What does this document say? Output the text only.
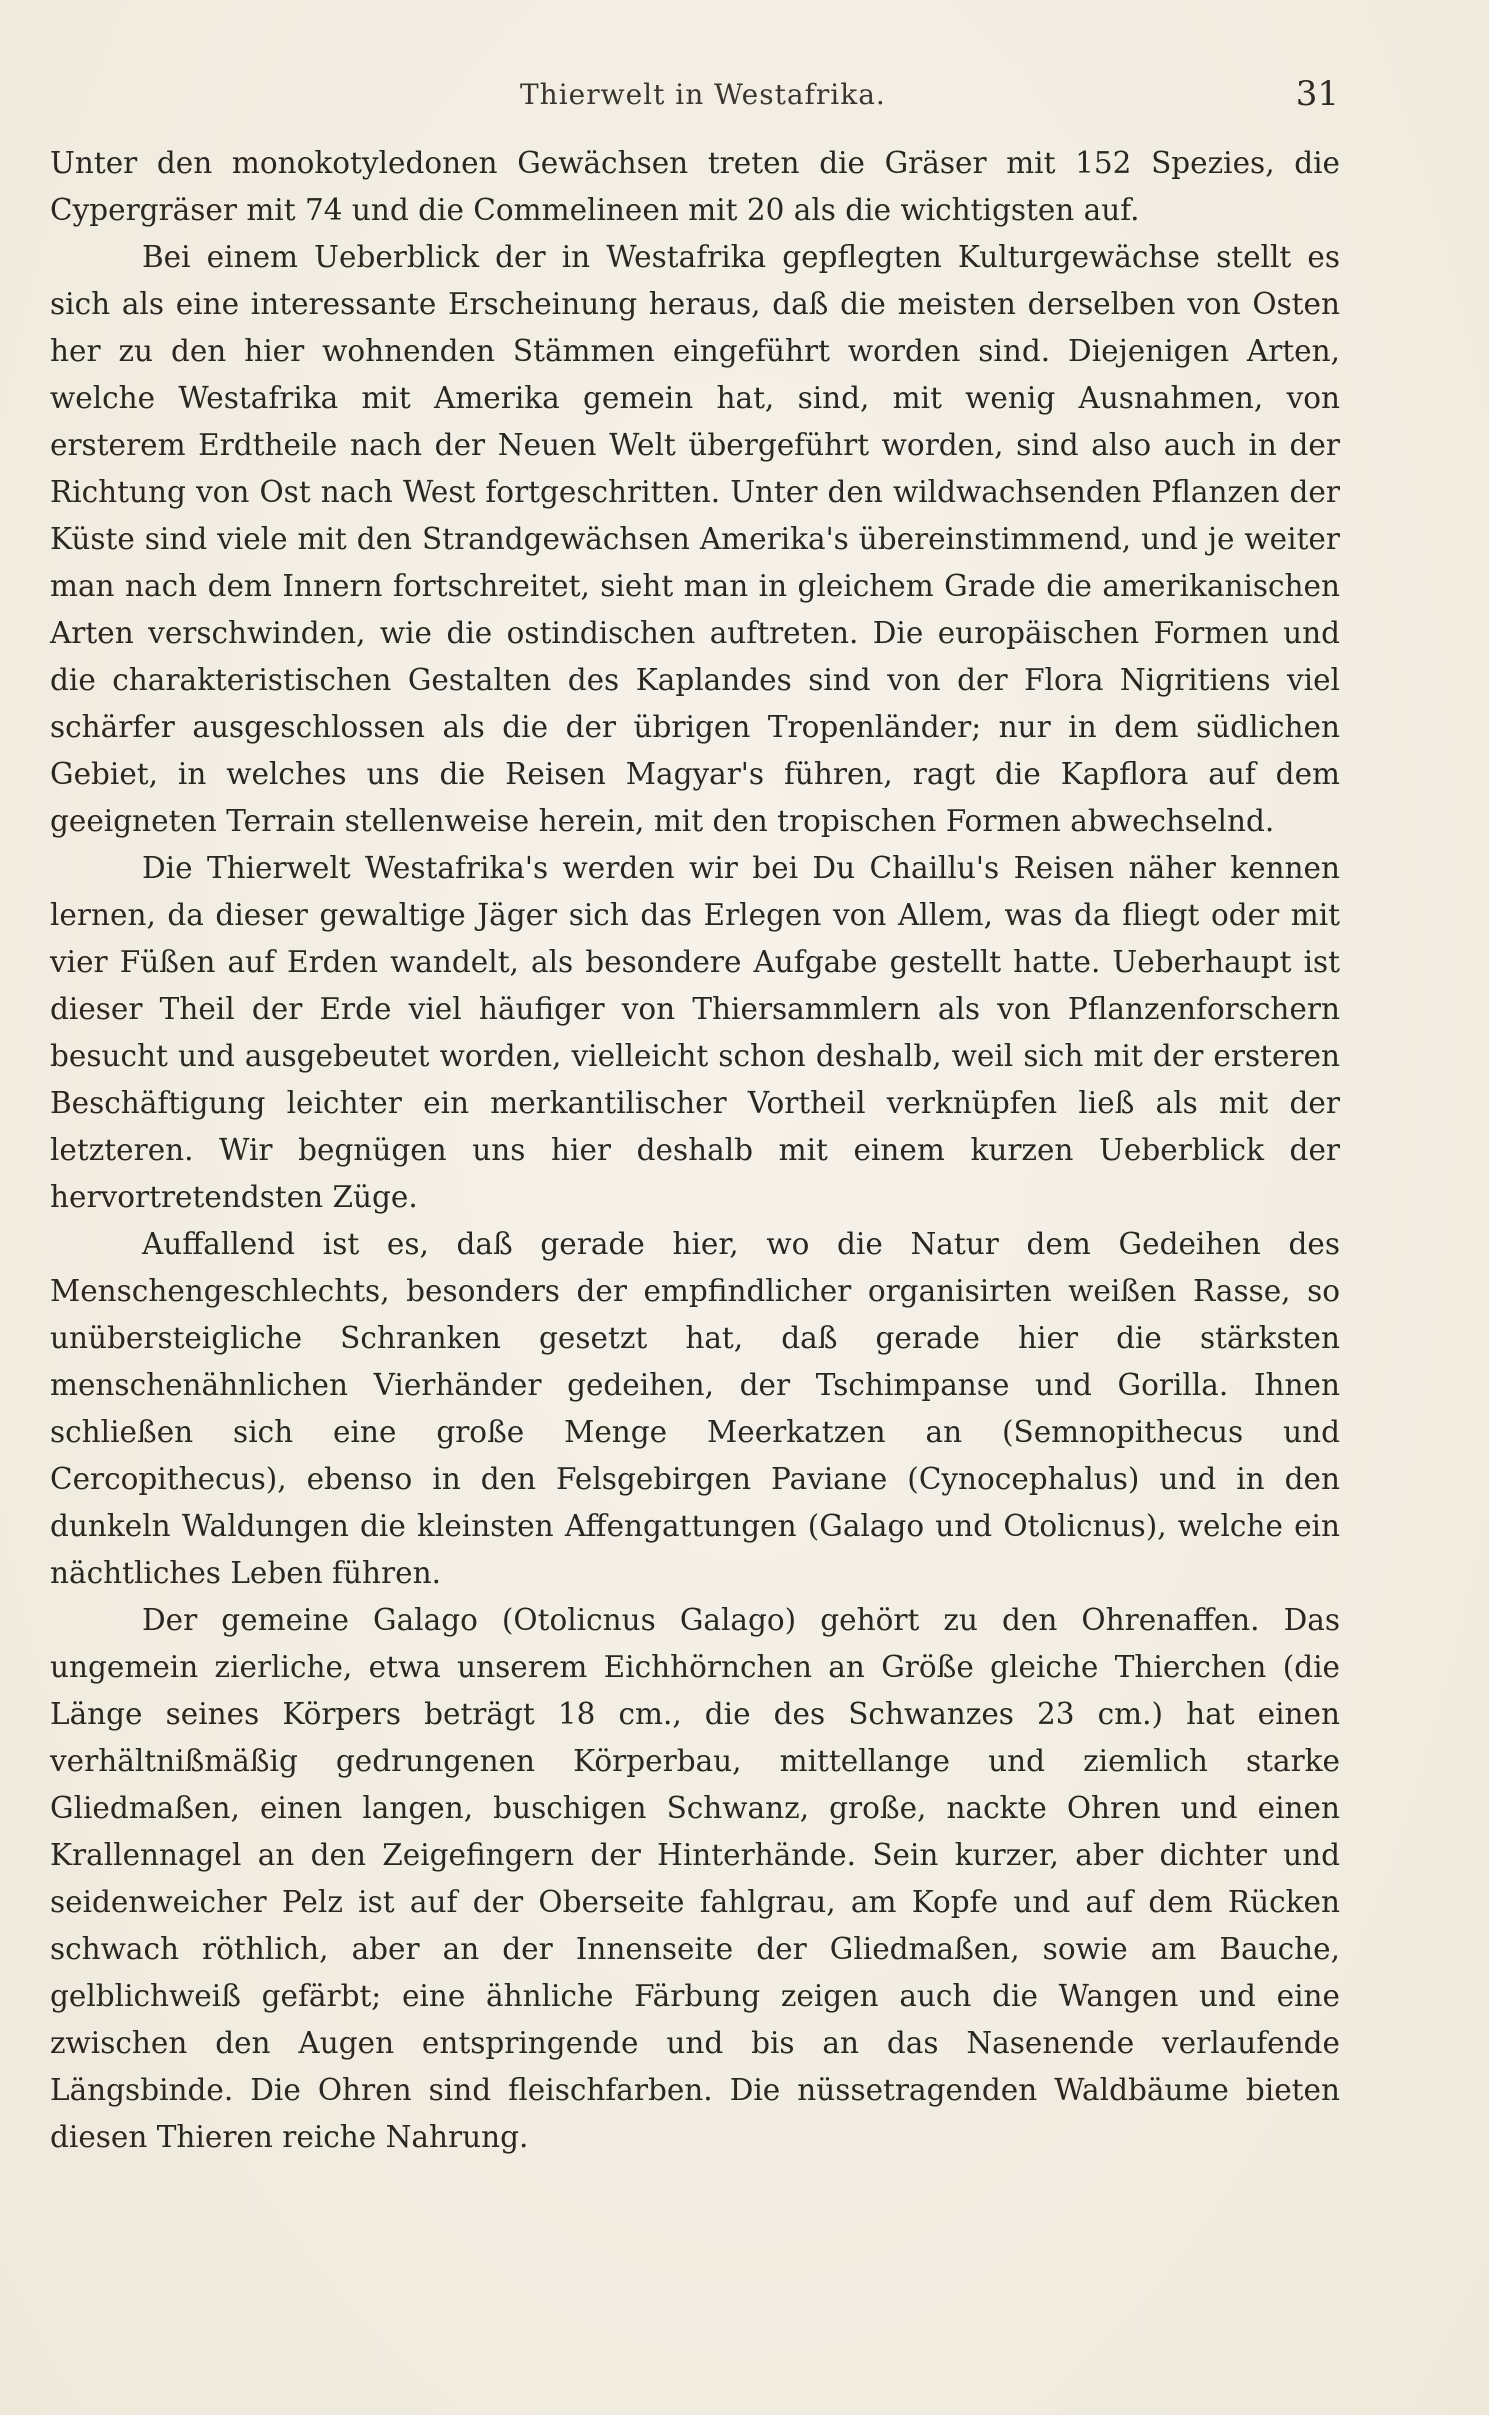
Thierwelt in Westafrika.	31

Unter den monokotyledonen Gewächsen treten die Gräser mit 152 Spezies, die Cypergräser mit 74 und die Commelineen mit 20 als die wichtigsten auf.

Bei einem Ueberblick der in Westafrika gepflegten Kulturgewächse stellt es sich als eine interessante Erscheinung heraus, daß die meisten derselben von Osten her zu den hier wohnenden Stämmen eingeführt worden sind. Diejenigen Arten, welche Westafrika mit Amerika gemein hat, sind, mit wenig Ausnahmen, von ersterem Erdtheile nach der Neuen Welt übergeführt worden, sind also auch in der Richtung von Ost nach West fortgeschritten. Unter den wildwachsenden Pflanzen der Küste sind viele mit den Strandgewächsen Amerika's übereinstimmend, und je weiter man nach dem Innern fortschreitet, sieht man in gleichem Grade die amerikanischen Arten verschwinden, wie die ostindischen auftreten. Die europäischen Formen und die charakteristischen Gestalten des Kaplandes sind von der Flora Nigritiens viel schärfer ausgeschlossen als die der übrigen Tropenländer; nur in dem südlichen Gebiet, in welches uns die Reisen Magyar's führen, ragt die Kapflora auf dem geeigneten Terrain stellenweise herein, mit den tropischen Formen abwechselnd.

Die Thierwelt Westafrika's werden wir bei Du Chaillu's Reisen näher kennen lernen, da dieser gewaltige Jäger sich das Erlegen von Allem, was da fliegt oder mit vier Füßen auf Erden wandelt, als besondere Aufgabe gestellt hatte. Ueberhaupt ist dieser Theil der Erde viel häufiger von Thiersammlern als von Pflanzenforschern besucht und ausgebeutet worden, vielleicht schon deshalb, weil sich mit der ersteren Beschäftigung leichter ein merkantilischer Vortheil verknüpfen ließ als mit der letzteren. Wir begnügen uns hier deshalb mit einem kurzen Ueberblick der hervortretendsten Züge.

Auffallend ist es, daß gerade hier, wo die Natur dem Gedeihen des Menschengeschlechts, besonders der empfindlicher organisirten weißen Rasse, so unübersteigliche Schranken gesetzt hat, daß gerade hier die stärksten menschenähnlichen Vierhänder gedeihen, der Tschimpanse und Gorilla. Ihnen schließen sich eine große Menge Meerkatzen an (Semnopithecus und Cercopithecus), ebenso in den Felsgebirgen Paviane (Cynocephalus) und in den dunkeln Waldungen die kleinsten Affengattungen (Galago und Otolicnus), welche ein nächtliches Leben führen.

Der gemeine Galago (Otolicnus Galago) gehört zu den Ohrenaffen. Das ungemein zierliche, etwa unserem Eichhörnchen an Größe gleiche Thierchen (die Länge seines Körpers beträgt 18 cm., die des Schwanzes 23 cm.) hat einen verhältnißmäßig gedrungenen Körperbau, mittellange und ziemlich starke Gliedmaßen, einen langen, buschigen Schwanz, große, nackte Ohren und einen Krallennagel an den Zeigefingern der Hinterhände. Sein kurzer, aber dichter und seidenweicher Pelz ist auf der Oberseite fahlgrau, am Kopfe und auf dem Rücken schwach röthlich, aber an der Innenseite der Gliedmaßen, sowie am Bauche, gelblichweiß gefärbt; eine ähnliche Färbung zeigen auch die Wangen und eine zwischen den Augen entspringende und bis an das Nasenende verlaufende Längsbinde. Die Ohren sind fleischfarben. Die nüssetragenden Waldbäume bieten diesen Thieren reiche Nahrung.
